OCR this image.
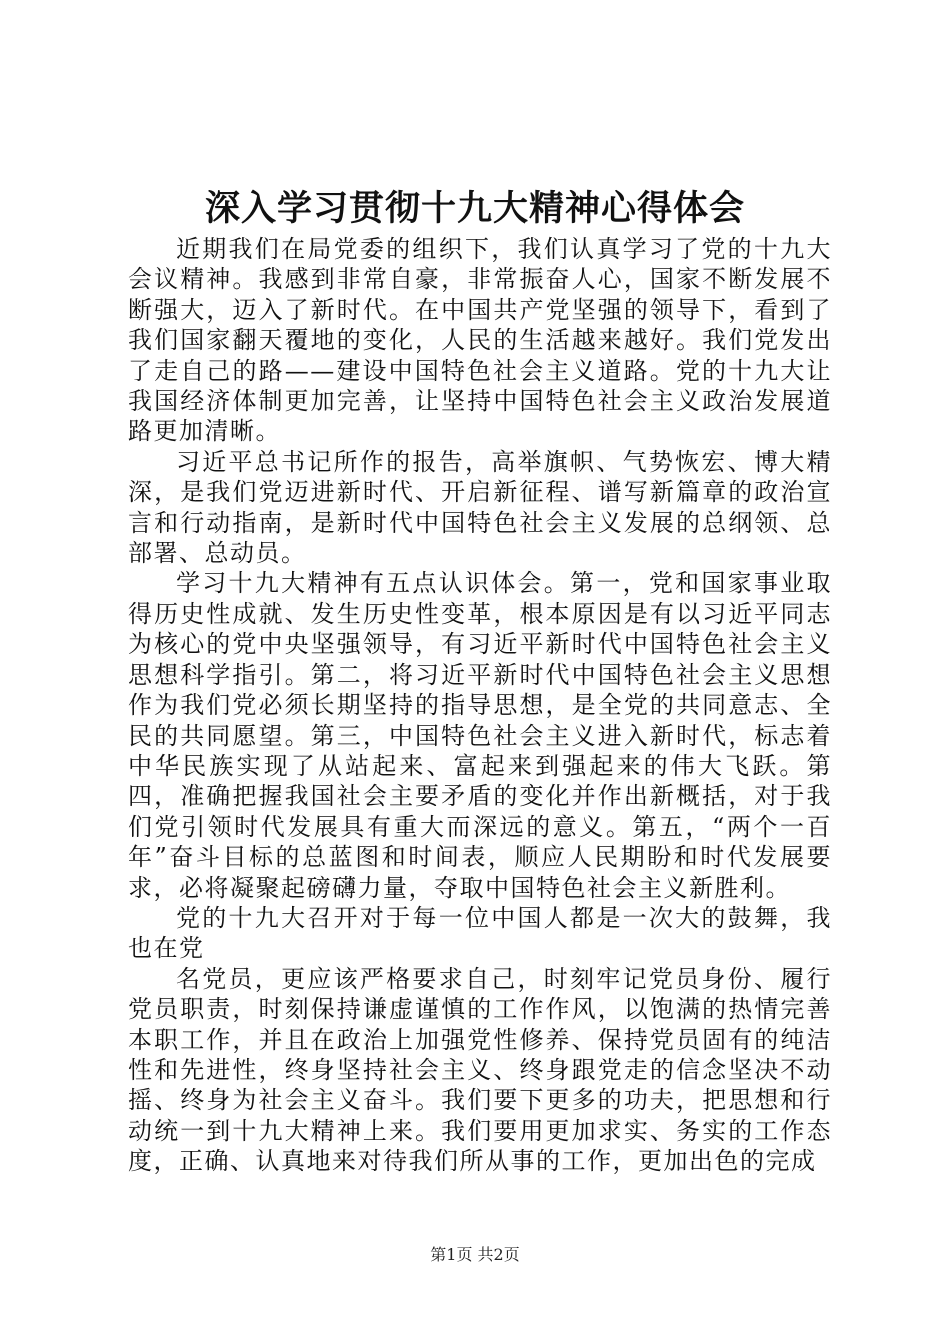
深入学习贯彻十九大精神心得体会

近期我们在局党委的组织下，我们认真学习了党的十九大会议精神。我感到非常自豪，非常振奋人心，国家不断发展不断强大，迈入了新时代。在中国共产党坚强的领导下，看到了我们国家翻天覆地的变化，人民的生活越来越好。我们党发出了走自己的路——建设中国特色社会主义道路。党的十九大让我国经济体制更加完善，让坚持中国特色社会主义政治发展道路更加清晰。

习近平总书记所作的报告，高举旗帜、气势恢宏、博大精深，是我们党迈进新时代、开启新征程、谱写新篇章的政治宣言和行动指南，是新时代中国特色社会主义发展的总纲领、总部署、总动员。

学习十九大精神有五点认识体会。第一，党和国家事业取得历史性成就、发生历史性变革，根本原因是有以习近平同志为核心的党中央坚强领导，有习近平新时代中国特色社会主义思想科学指引。第二，将习近平新时代中国特色社会主义思想作为我们党必须长期坚持的指导思想，是全党的共同意志、全民的共同愿望。第三，中国特色社会主义进入新时代，标志着中华民族实现了从站起来、富起来到强起来的伟大飞跃。第四，准确把握我国社会主要矛盾的变化并作出新概括，对于我们党引领时代发展具有重大而深远的意义。第五，“两个一百年”奋斗目标的总蓝图和时间表，顺应人民期盼和时代发展要求，必将凝聚起磅礴力量，夺取中国特色社会主义新胜利。

党的十九大召开对于每一位中国人都是一次大的鼓舞，我也在党

名党员，更应该严格要求自己，时刻牢记党员身份、履行党员职责，时刻保持谦虚谨慎的工作作风，以饱满的热情完善本职工作，并且在政治上加强党性修养、保持党员固有的纯洁性和先进性，终身坚持社会主义、终身跟党走的信念坚决不动摇、终身为社会主义奋斗。我们要下更多的功夫，把思想和行动统一到十九大精神上来。我们要用更加求实、务实的工作态度，正确、认真地来对待我们所从事的工作，更加出色的完成

第1页 共2页
